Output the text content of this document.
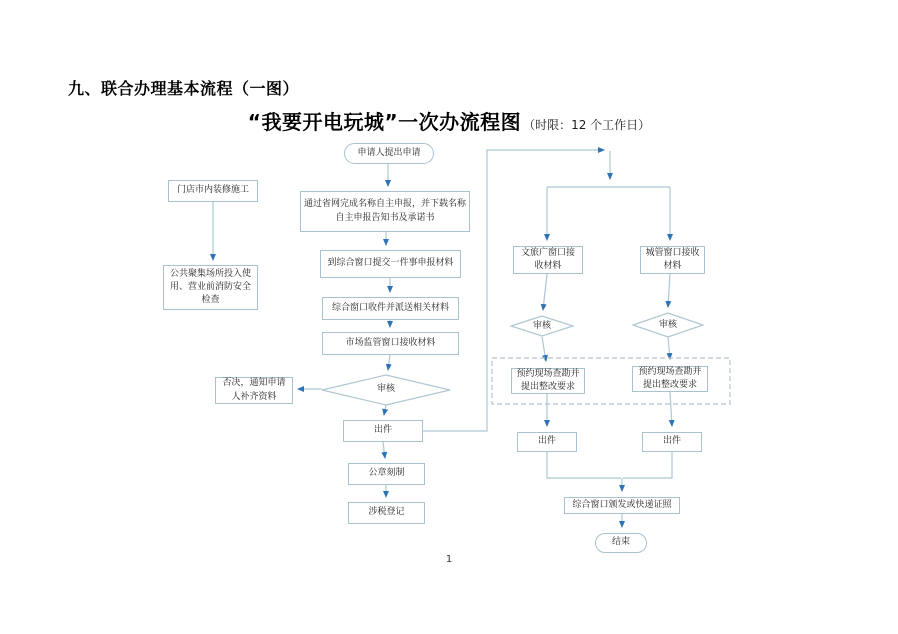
九、联合办理基本流程（一图）
“我要开电玩城”一次办流程图 （时限：12 个工作日）
申请人提出申请
门店市内装修施工
公共聚集场所投入使用、营业前消防安全检查
通过省网完成名称自主申报，并下载名称自主申报告知书及承诺书
到综合窗口提交一件事申报材料
综合窗口收件并派送相关材料
市场监管窗口接收材料
审核
否决，通知申请人补齐资料
出件
公章刻制
涉税登记
文旅广窗口接收材料
城管窗口接收材料
审核	审核
预约现场查勘并提出整改要求
预约现场查勘并提出整改要求
出件	出件
综合窗口颁发或快递证照
结束
1
